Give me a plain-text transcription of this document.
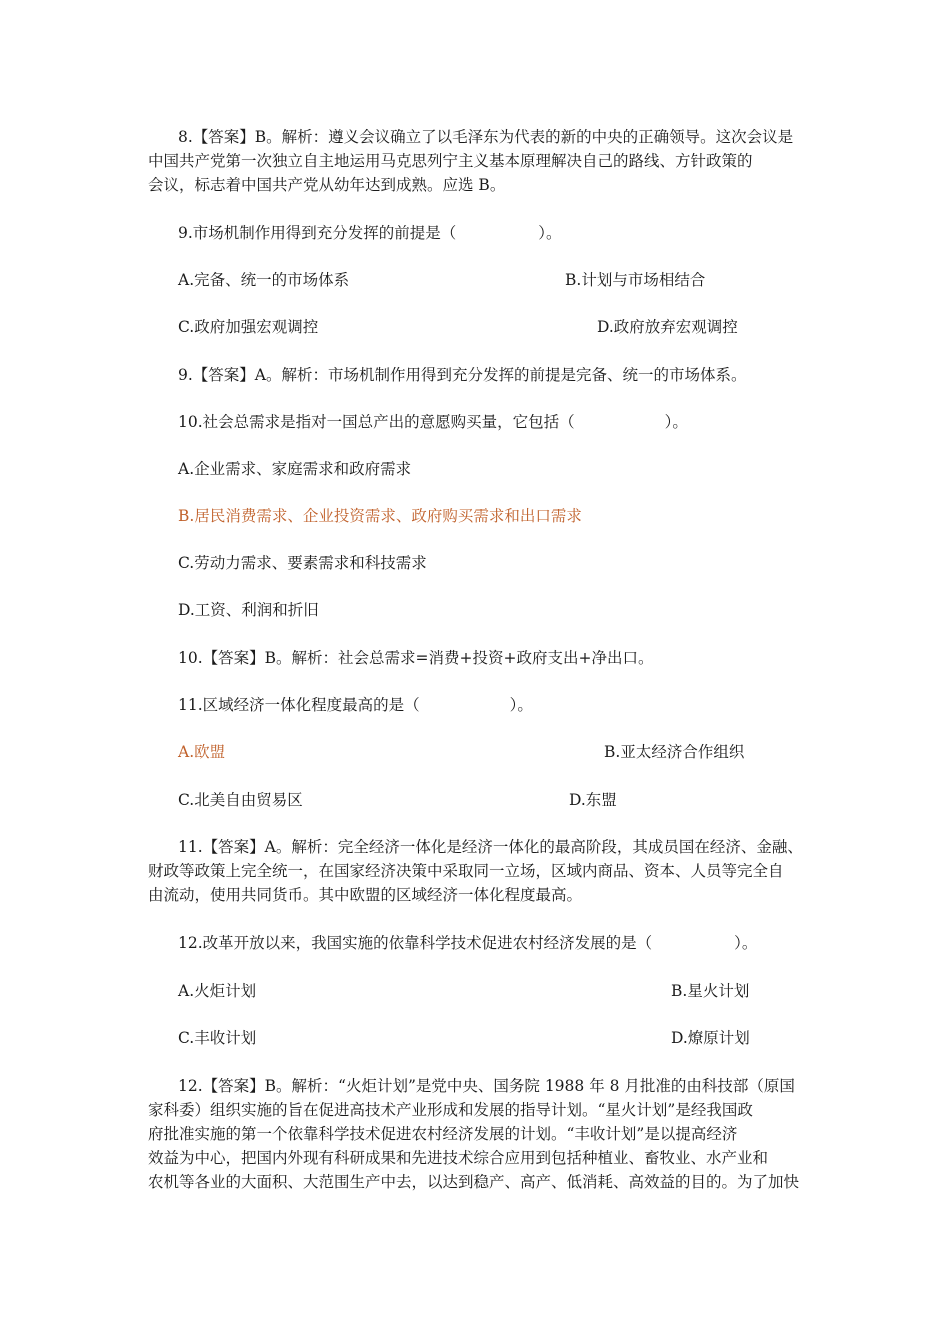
8.【答案】B。解析：遵义会议确立了以毛泽东为代表的新的中央的正确领导。这次会议是
中国共产党第一次独立自主地运用马克思列宁主义基本原理解决自己的路线、方针政策的
会议，标志着中国共产党从幼年达到成熟。应选 B。
9.市场机制作用得到充分发挥的前提是（	）。
A.完备、统一的市场体系	B.计划与市场相结合
C.政府加强宏观调控	D.政府放弃宏观调控
9.【答案】A。解析：市场机制作用得到充分发挥的前提是完备、统一的市场体系。
10.社会总需求是指对一国总产出的意愿购买量，它包括（	）。
A.企业需求、家庭需求和政府需求
B.居民消费需求、企业投资需求、政府购买需求和出口需求
C.劳动力需求、要素需求和科技需求
D.工资、利润和折旧
10.【答案】B。解析：社会总需求=消费+投资+政府支出+净出口。
11.区域经济一体化程度最高的是（	）。
A.欧盟	B.亚太经济合作组织
C.北美自由贸易区	D.东盟
11.【答案】A。解析：完全经济一体化是经济一体化的最高阶段，其成员国在经济、金融、
财政等政策上完全统一，在国家经济决策中采取同一立场，区域内商品、资本、人员等完全自
由流动，使用共同货币。其中欧盟的区域经济一体化程度最高。
12.改革开放以来，我国实施的依靠科学技术促进农村经济发展的是（	）。
A.火炬计划	B.星火计划
C.丰收计划	D.燎原计划
12.【答案】B。解析：“火炬计划”是党中央、国务院 1988 年 8 月批准的由科技部（原国
家科委）组织实施的旨在促进高技术产业形成和发展的指导计划。“星火计划”是经我国政
府批准实施的第一个依靠科学技术促进农村经济发展的计划。“丰收计划”是以提高经济
效益为中心，把国内外现有科研成果和先进技术综合应用到包括种植业、畜牧业、水产业和
农机等各业的大面积、大范围生产中去，以达到稳产、高产、低消耗、高效益的目的。为了加快
